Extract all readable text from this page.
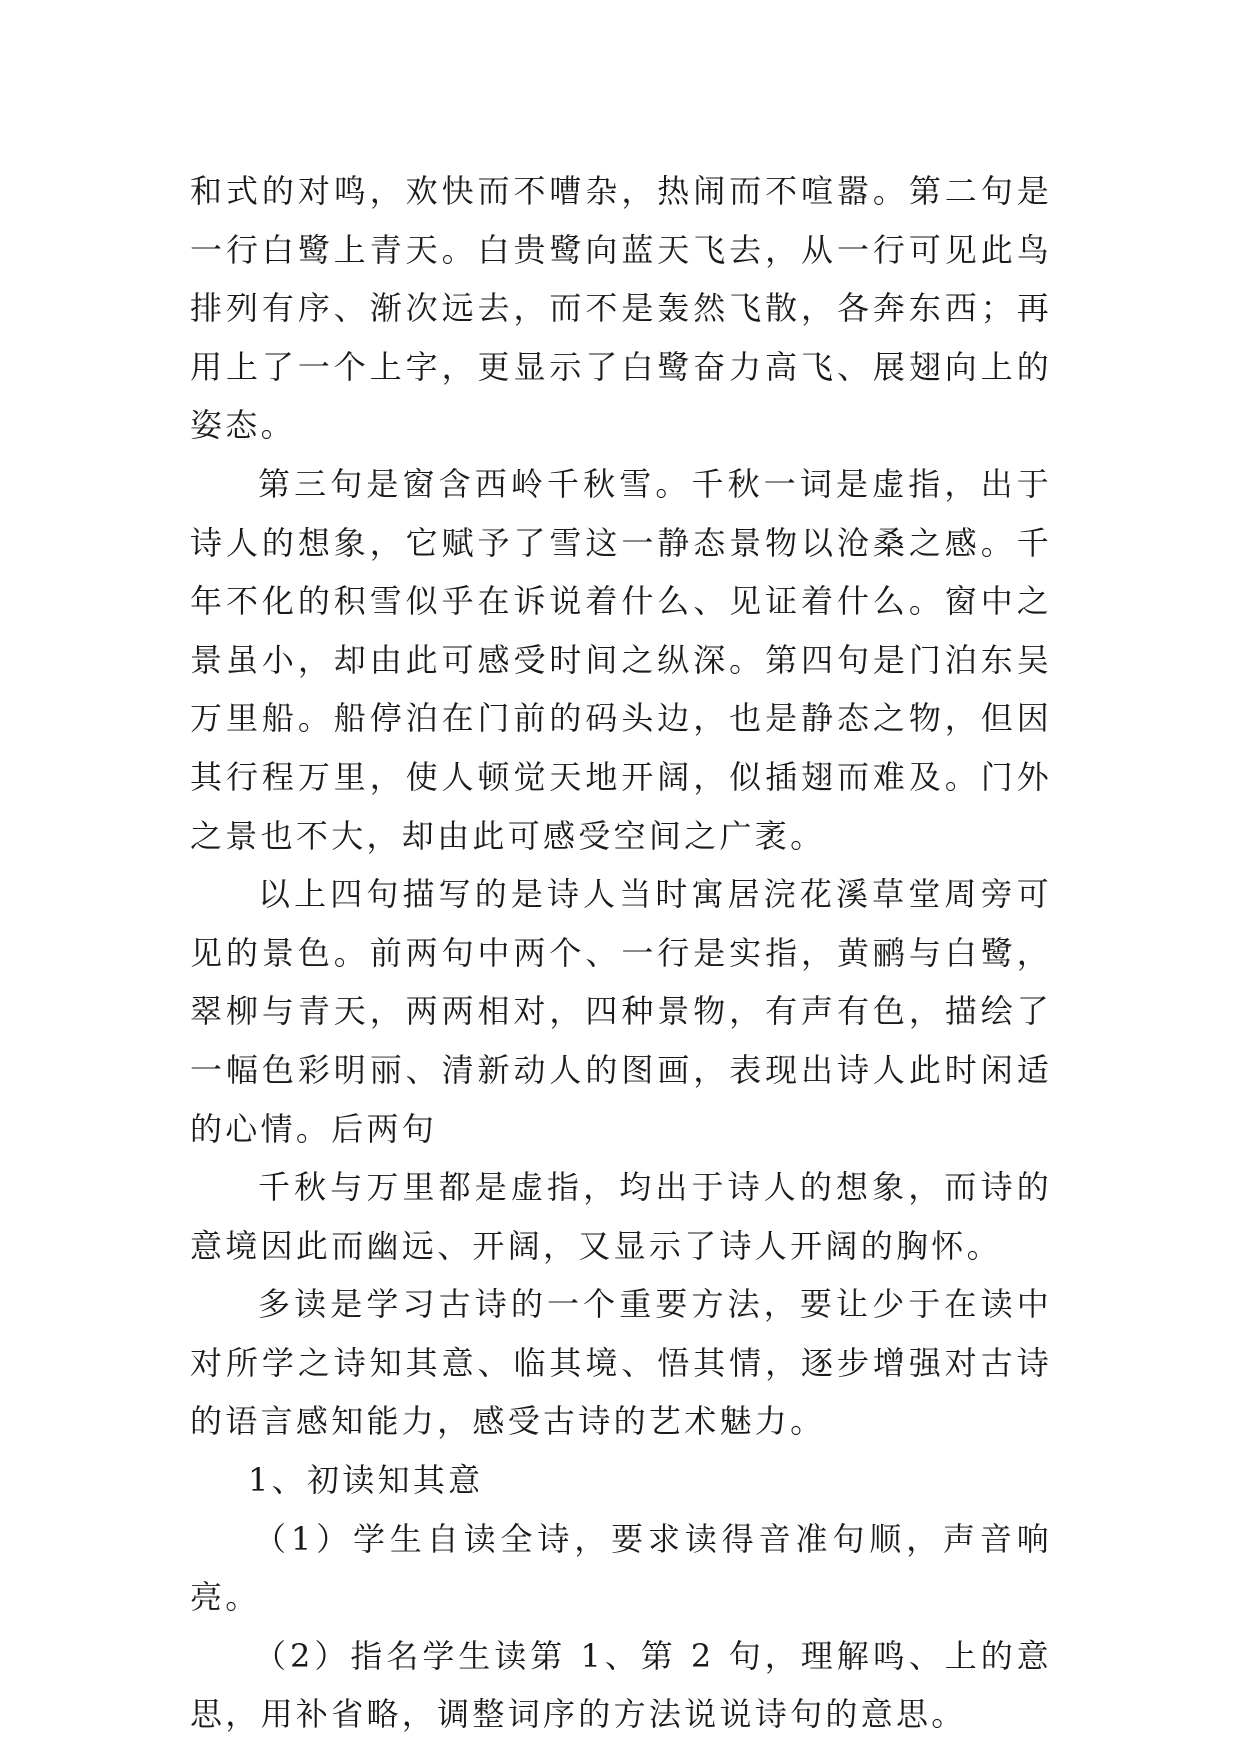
和式的对鸣，欢快而不嘈杂，热闹而不喧嚣。第二句是一行白鹭上青天。白贵鹭向蓝天飞去，从一行可见此鸟排列有序、渐次远去，而不是轰然飞散，各奔东西；再用上了一个上字，更显示了白鹭奋力高飞、展翅向上的姿态。

第三句是窗含西岭千秋雪。千秋一词是虚指，出于诗人的想象，它赋予了雪这一静态景物以沧桑之感。千年不化的积雪似乎在诉说着什么、见证着什么。窗中之景虽小，却由此可感受时间之纵深。第四句是门泊东吴万里船。船停泊在门前的码头边，也是静态之物，但因其行程万里，使人顿觉天地开阔，似插翅而难及。门外之景也不大，却由此可感受空间之广袤。

以上四句描写的是诗人当时寓居浣花溪草堂周旁可见的景色。前两句中两个、一行是实指，黄鹂与白鹭，翠柳与青天，两两相对，四种景物，有声有色，描绘了一幅色彩明丽、清新动人的图画，表现出诗人此时闲适的心情。后两句

千秋与万里都是虚指，均出于诗人的想象，而诗的意境因此而幽远、开阔，又显示了诗人开阔的胸怀。

多读是学习古诗的一个重要方法，要让少于在读中对所学之诗知其意、临其境、悟其情，逐步增强对古诗的语言感知能力，感受古诗的艺术魅力。

1、初读知其意

（1）学生自读全诗，要求读得音准句顺，声音响亮。

（2）指名学生读第 1、第 2 句，理解鸣、上的意思，用补省略，调整词序的方法说说诗句的意思。
